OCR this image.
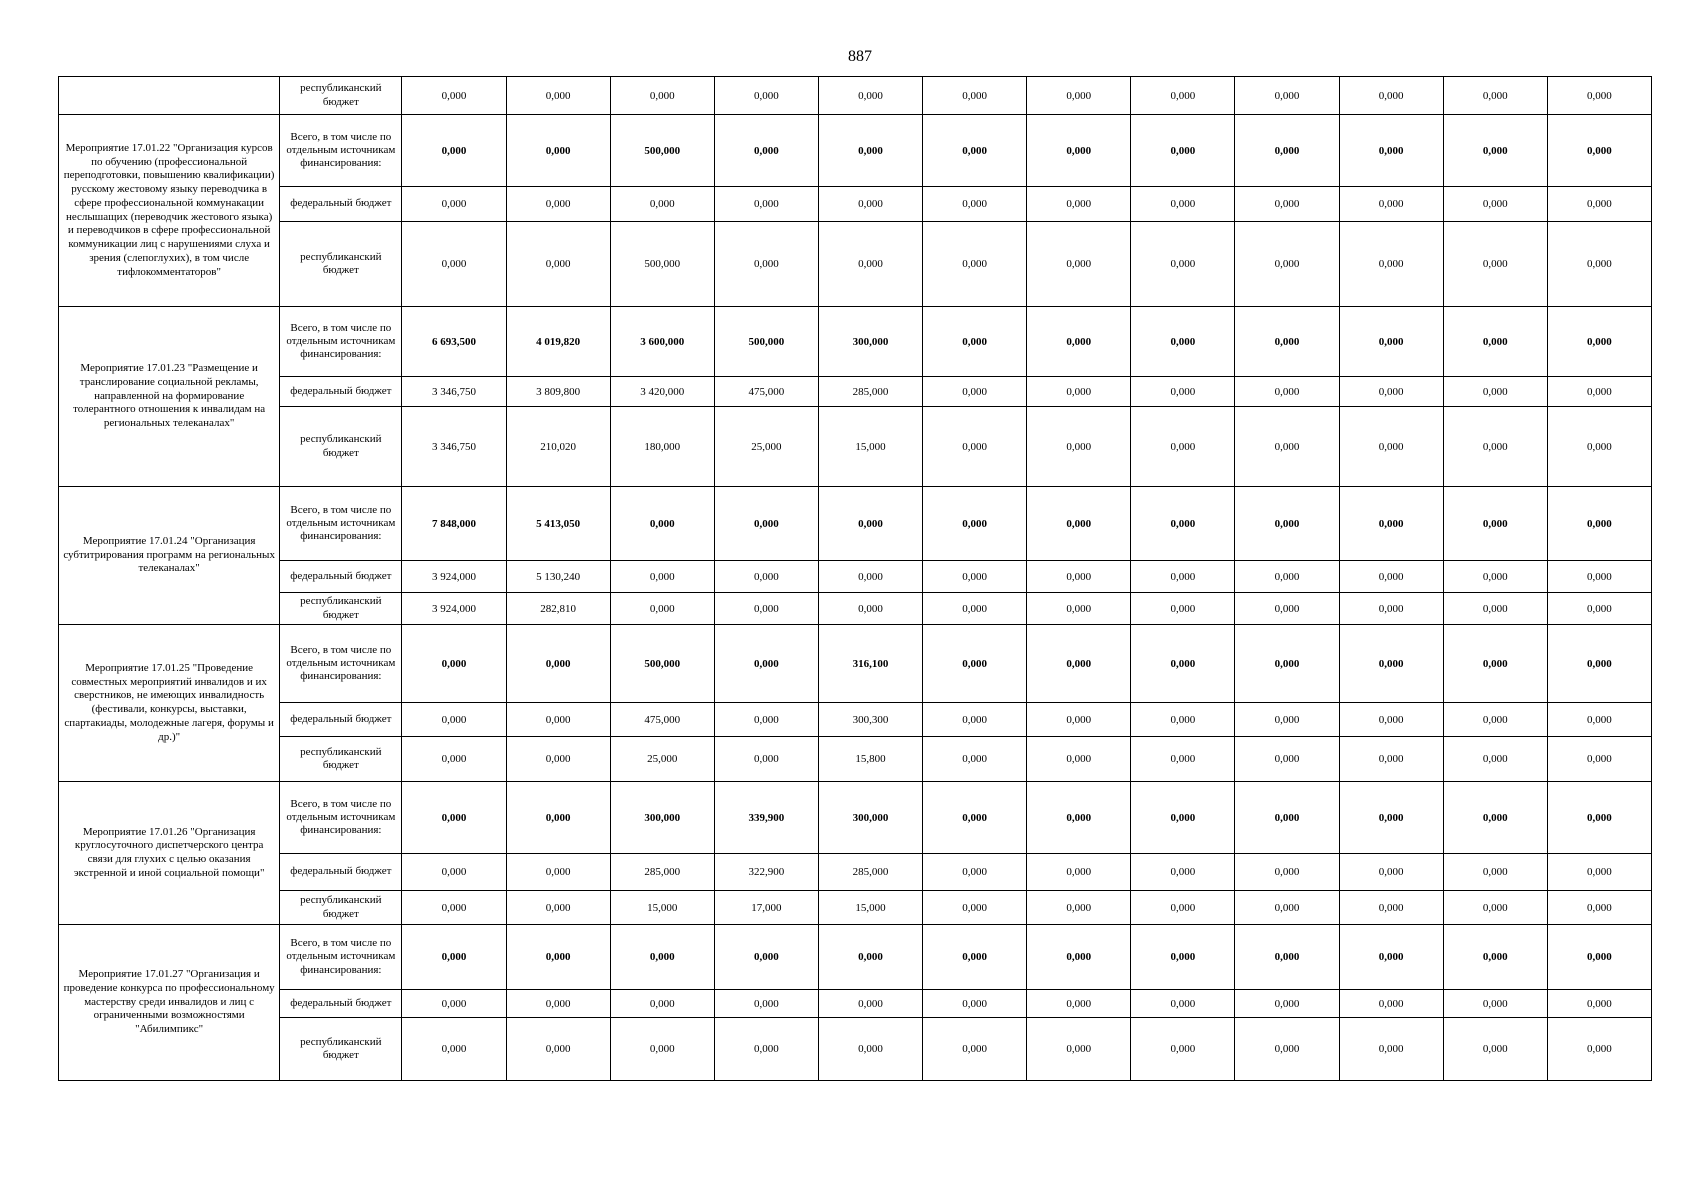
887
	республиканский бюджет	0,000	0,000	0,000	0,000	0,000	0,000	0,000	0,000	0,000	0,000	0,000	0,000
Мероприятие 17.01.22 "Организация курсов по обучению (профессиональной переподготовки, повышению квалификации) русскому жестовому языку переводчика в сфере профессиональной коммунакации неслышащих (переводчик жестового языка) и переводчиков в сфере профессиональной коммуникации лиц с нарушениями слуха и зрения (слепоглухих), в том числе тифлокомментаторов"	Всего, в том числе по отдельным источникам финансирования:	0,000	0,000	500,000	0,000	0,000	0,000	0,000	0,000	0,000	0,000	0,000	0,000
	федеральный бюджет	0,000	0,000	0,000	0,000	0,000	0,000	0,000	0,000	0,000	0,000	0,000	0,000
	республиканский бюджет	0,000	0,000	500,000	0,000	0,000	0,000	0,000	0,000	0,000	0,000	0,000	0,000
Мероприятие 17.01.23 "Размещение и транслирование социальной рекламы, направленной на формирование толерантного отношения к инвалидам на региональных телеканалах"	Всего, в том числе по отдельным источникам финансирования:	6 693,500	4 019,820	3 600,000	500,000	300,000	0,000	0,000	0,000	0,000	0,000	0,000	0,000
	федеральный бюджет	3 346,750	3 809,800	3 420,000	475,000	285,000	0,000	0,000	0,000	0,000	0,000	0,000	0,000
	республиканский бюджет	3 346,750	210,020	180,000	25,000	15,000	0,000	0,000	0,000	0,000	0,000	0,000	0,000
Мероприятие 17.01.24 "Организация субтитрирования программ на региональных телеканалах"	Всего, в том числе по отдельным источникам финансирования:	7 848,000	5 413,050	0,000	0,000	0,000	0,000	0,000	0,000	0,000	0,000	0,000	0,000
	федеральный бюджет	3 924,000	5 130,240	0,000	0,000	0,000	0,000	0,000	0,000	0,000	0,000	0,000	0,000
	республиканский бюджет	3 924,000	282,810	0,000	0,000	0,000	0,000	0,000	0,000	0,000	0,000	0,000	0,000
Мероприятие 17.01.25 "Проведение совместных мероприятий инвалидов и их сверстников, не имеющих инвалидность (фестивали, конкурсы, выставки, спартакиады, молодежные лагеря, форумы и др.)"	Всего, в том числе по отдельным источникам финансирования:	0,000	0,000	500,000	0,000	316,100	0,000	0,000	0,000	0,000	0,000	0,000	0,000
	федеральный бюджет	0,000	0,000	475,000	0,000	300,300	0,000	0,000	0,000	0,000	0,000	0,000	0,000
	республиканский бюджет	0,000	0,000	25,000	0,000	15,800	0,000	0,000	0,000	0,000	0,000	0,000	0,000
Мероприятие 17.01.26 "Организация круглосуточного диспетчерского центра связи для глухих с целью оказания экстренной и иной социальной помощи"	Всего, в том числе по отдельным источникам финансирования:	0,000	0,000	300,000	339,900	300,000	0,000	0,000	0,000	0,000	0,000	0,000	0,000
	федеральный бюджет	0,000	0,000	285,000	322,900	285,000	0,000	0,000	0,000	0,000	0,000	0,000	0,000
	республиканский бюджет	0,000	0,000	15,000	17,000	15,000	0,000	0,000	0,000	0,000	0,000	0,000	0,000
Мероприятие 17.01.27 "Организация и проведение конкурса по профессиональному мастерству среди инвалидов и лиц с ограниченными возможностями "Абилимпикс"	Всего, в том числе по отдельным источникам финансирования:	0,000	0,000	0,000	0,000	0,000	0,000	0,000	0,000	0,000	0,000	0,000	0,000
	федеральный бюджет	0,000	0,000	0,000	0,000	0,000	0,000	0,000	0,000	0,000	0,000	0,000	0,000
	республиканский бюджет	0,000	0,000	0,000	0,000	0,000	0,000	0,000	0,000	0,000	0,000	0,000	0,000
